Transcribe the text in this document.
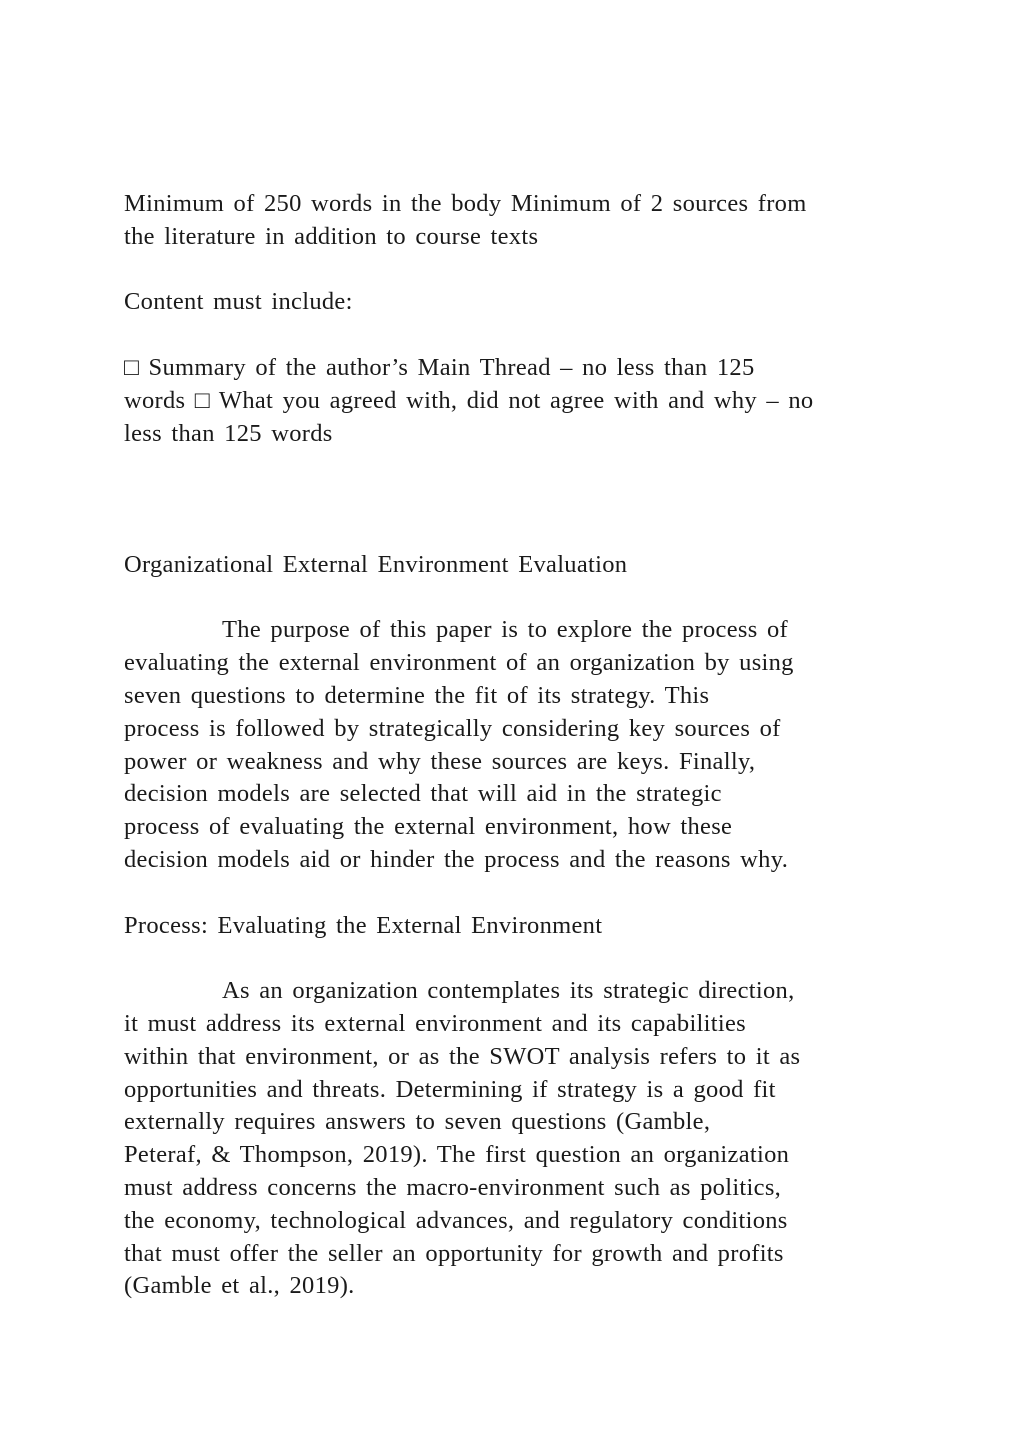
Minimum of 250 words in the body Minimum of 2 sources from
the literature in addition to course texts
Content must include:
□ Summary of the author’s Main Thread – no less than 125
words □ What you agreed with, did not agree with and why – no
less than 125 words
Organizational External Environment Evaluation
The purpose of this paper is to explore the process of
evaluating the external environment of an organization by using
seven questions to determine the fit of its strategy. This
process is followed by strategically considering key sources of
power or weakness and why these sources are keys. Finally,
decision models are selected that will aid in the strategic
process of evaluating the external environment, how these
decision models aid or hinder the process and the reasons why.
Process: Evaluating the External Environment
As an organization contemplates its strategic direction,
it must address its external environment and its capabilities
within that environment, or as the SWOT analysis refers to it as
opportunities and threats. Determining if strategy is a good fit
externally requires answers to seven questions (Gamble,
Peteraf, & Thompson, 2019). The first question an organization
must address concerns the macro-environment such as politics,
the economy, technological advances, and regulatory conditions
that must offer the seller an opportunity for growth and profits
(Gamble et al., 2019).
